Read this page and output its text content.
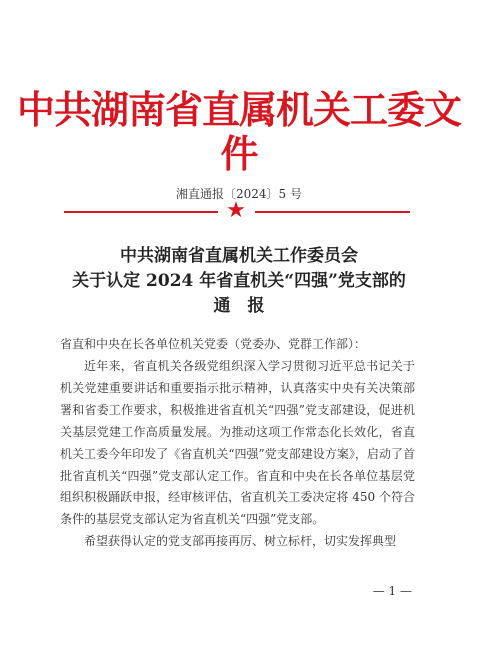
中共湖南省直属机关工委文件
湘直通报〔2024〕5 号
★
中共湖南省直属机关工作委员会
关于认定 2024 年省直机关“四强”党支部的
通　报
省直和中央在长各单位机关党委（党委办、党群工作部）：

近年来，省直机关各级党组织深入学习贯彻习近平总书记关于机关党建重要讲话和重要指示批示精神，认真落实中央有关决策部署和省委工作要求，积极推进省直机关“四强”党支部建设，促进机关基层党建工作高质量发展。为推动这项工作常态化长效化，省直机关工委今年印发了《省直机关“四强”党支部建设方案》，启动了首批省直机关“四强”党支部认定工作。省直和中央在长各单位基层党组织积极踊跃申报，经审核评估，省直机关工委决定将 450 个符合条件的基层党支部认定为省直机关“四强”党支部。

希望获得认定的党支部再接再厉、树立标杆，切实发挥典型

— 1 —
